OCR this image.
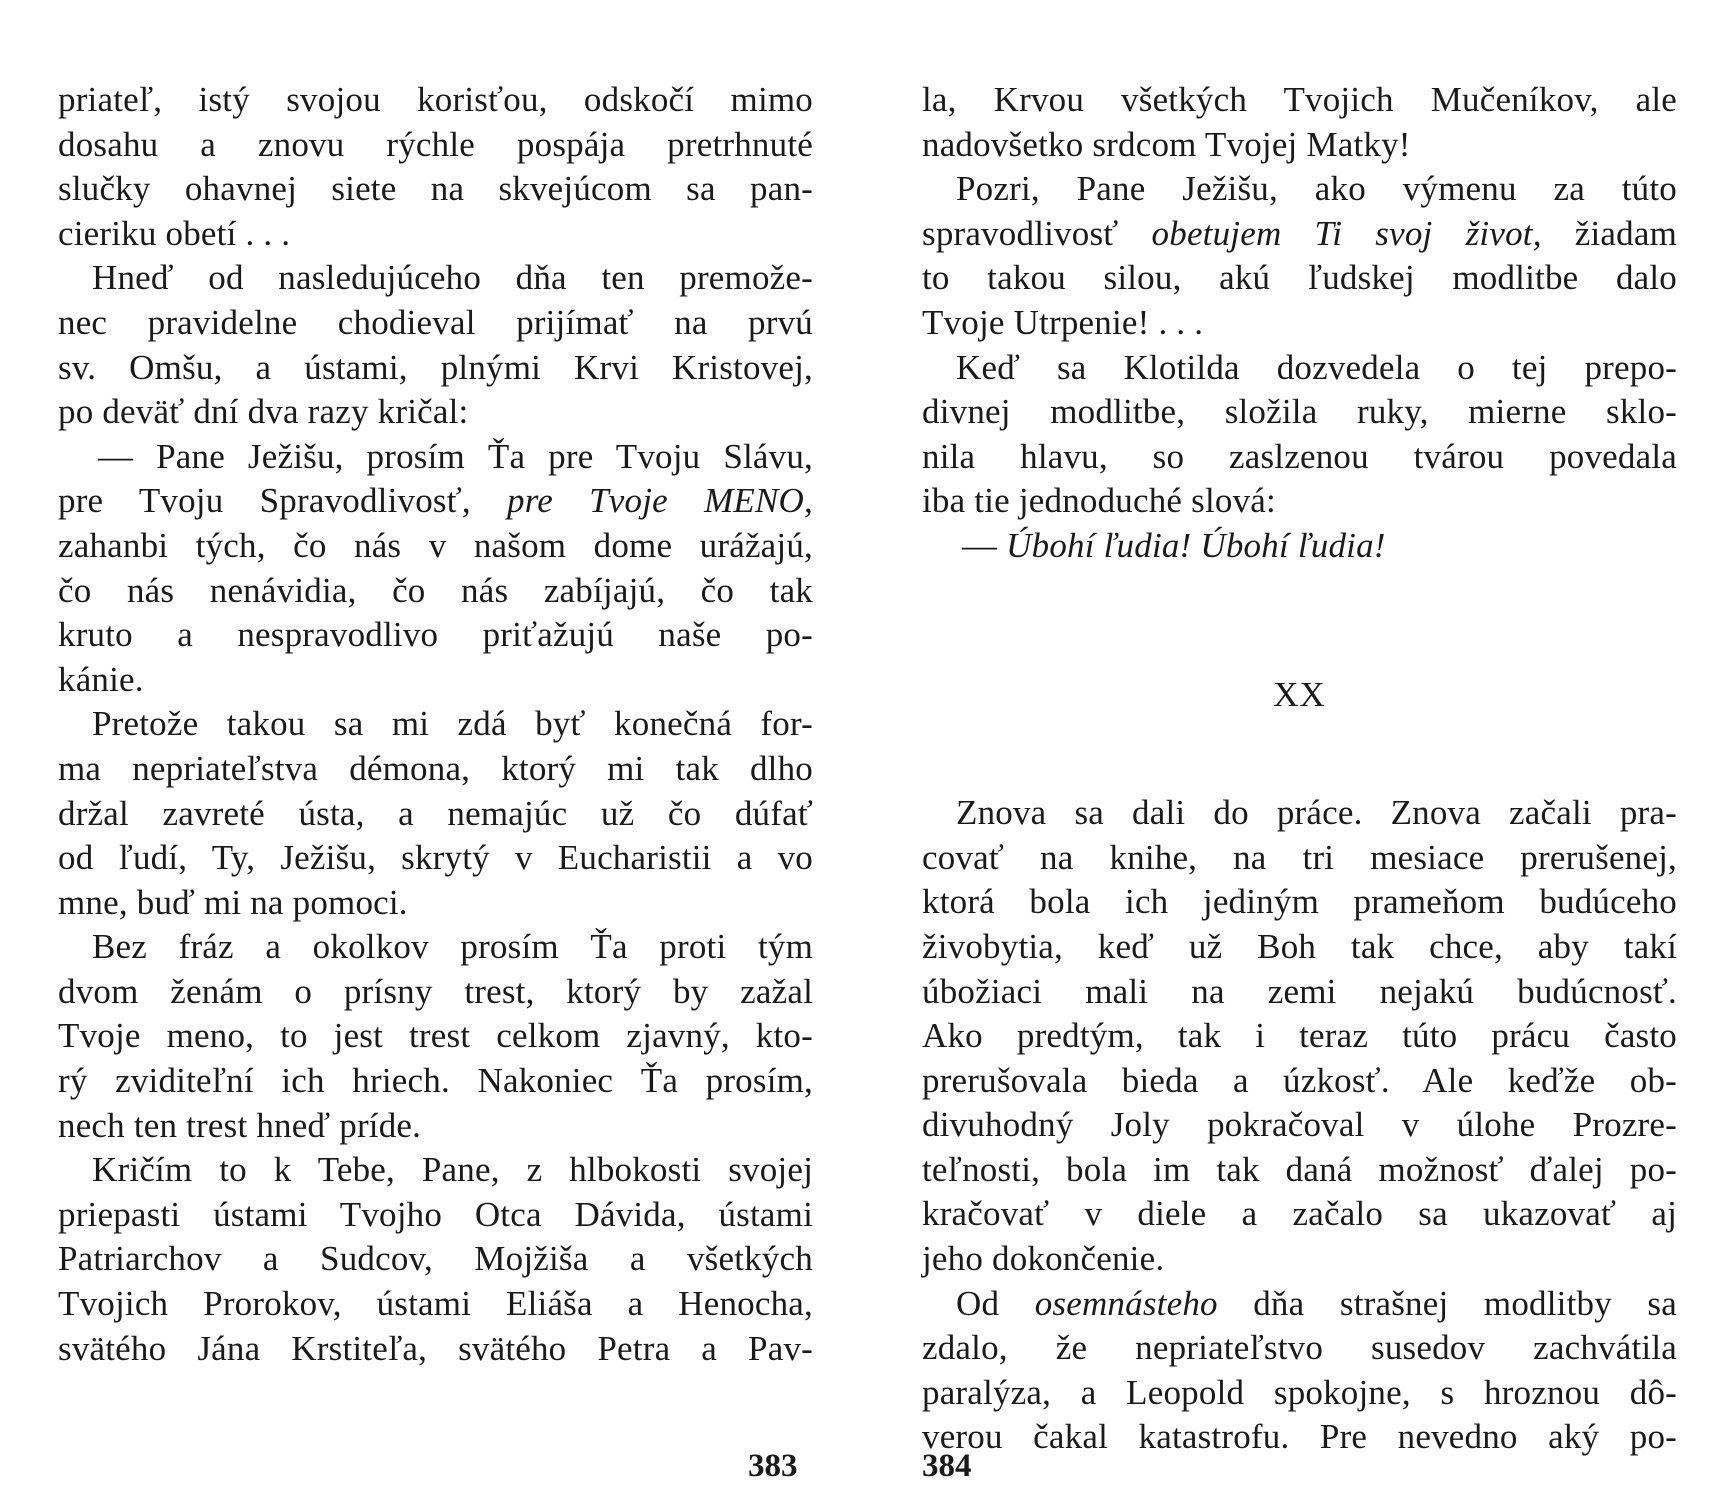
priateľ, istý svojou korisťou, odskočí mimo
dosahu a znovu rýchle pospája pretrhnuté
slučky ohavnej siete na skvejúcom sa pan-
cieriku obetí . . .
Hneď od nasledujúceho dňa ten premože-
nec pravidelne chodieval prijímať na prvú
sv. Omšu, a ústami, plnými Krvi Kristovej,
po deväť dní dva razy kričal:
— Pane Ježišu, prosím Ťa pre Tvoju Slávu,
pre Tvoju Spravodlivosť, pre Tvoje MENO,
zahanbi tých, čo nás v našom dome urážajú,
čo nás nenávidia, čo nás zabíjajú, čo tak
kruto a nespravodlivo priťažujú naše po-
kánie.
Pretože takou sa mi zdá byť konečná for-
ma nepriateľstva démona, ktorý mi tak dlho
držal zavreté ústa, a nemajúc už čo dúfať
od ľudí, Ty, Ježišu, skrytý v Eucharistii a vo
mne, buď mi na pomoci.
Bez fráz a okolkov prosím Ťa proti tým
dvom ženám o prísny trest, ktorý by zažal
Tvoje meno, to jest trest celkom zjavný, kto-
rý zviditeľní ich hriech. Nakoniec Ťa prosím,
nech ten trest hneď príde.
Kričím to k Tebe, Pane, z hlbokosti svojej
priepasti ústami Tvojho Otca Dávida, ústami
Patriarchov a Sudcov, Mojžiša a všetkých
Tvojich Prorokov, ústami Eliáša a Henocha,
svätého Jána Krstiteľa, svätého Petra a Pav-
la, Krvou všetkých Tvojich Mučeníkov, ale
nadovšetko srdcom Tvojej Matky!
Pozri, Pane Ježišu, ako výmenu za túto
spravodlivosť obetujem Ti svoj život, žiadam
to takou silou, akú ľudskej modlitbe dalo
Tvoje Utrpenie! . . .
Keď sa Klotilda dozvedela o tej prepo-
divnej modlitbe, složila ruky, mierne sklo-
nila hlavu, so zaslzenou tvárou povedala
iba tie jednoduché slová:
— Úbohí ľudia! Úbohí ľudia!
XX
Znova sa dali do práce. Znova začali pra-
covať na knihe, na tri mesiace prerušenej,
ktorá bola ich jediným prameňom budúceho
živobytia, keď už Boh tak chce, aby takí
úbožiaci mali na zemi nejakú budúcnosť.
Ako predtým, tak i teraz túto prácu často
prerušovala bieda a úzkosť. Ale keďže ob-
divuhodný Joly pokračoval v úlohe Prozre-
teľnosti, bola im tak daná možnosť ďalej po-
kračovať v diele a začalo sa ukazovať aj
jeho dokončenie.
Od osemnásteho dňa strašnej modlitby sa
zdalo, že nepriateľstvo susedov zachvátila
paralýza, a Leopold spokojne, s hroznou dô-
verou čakal katastrofu. Pre nevedno aký po-
383	384
